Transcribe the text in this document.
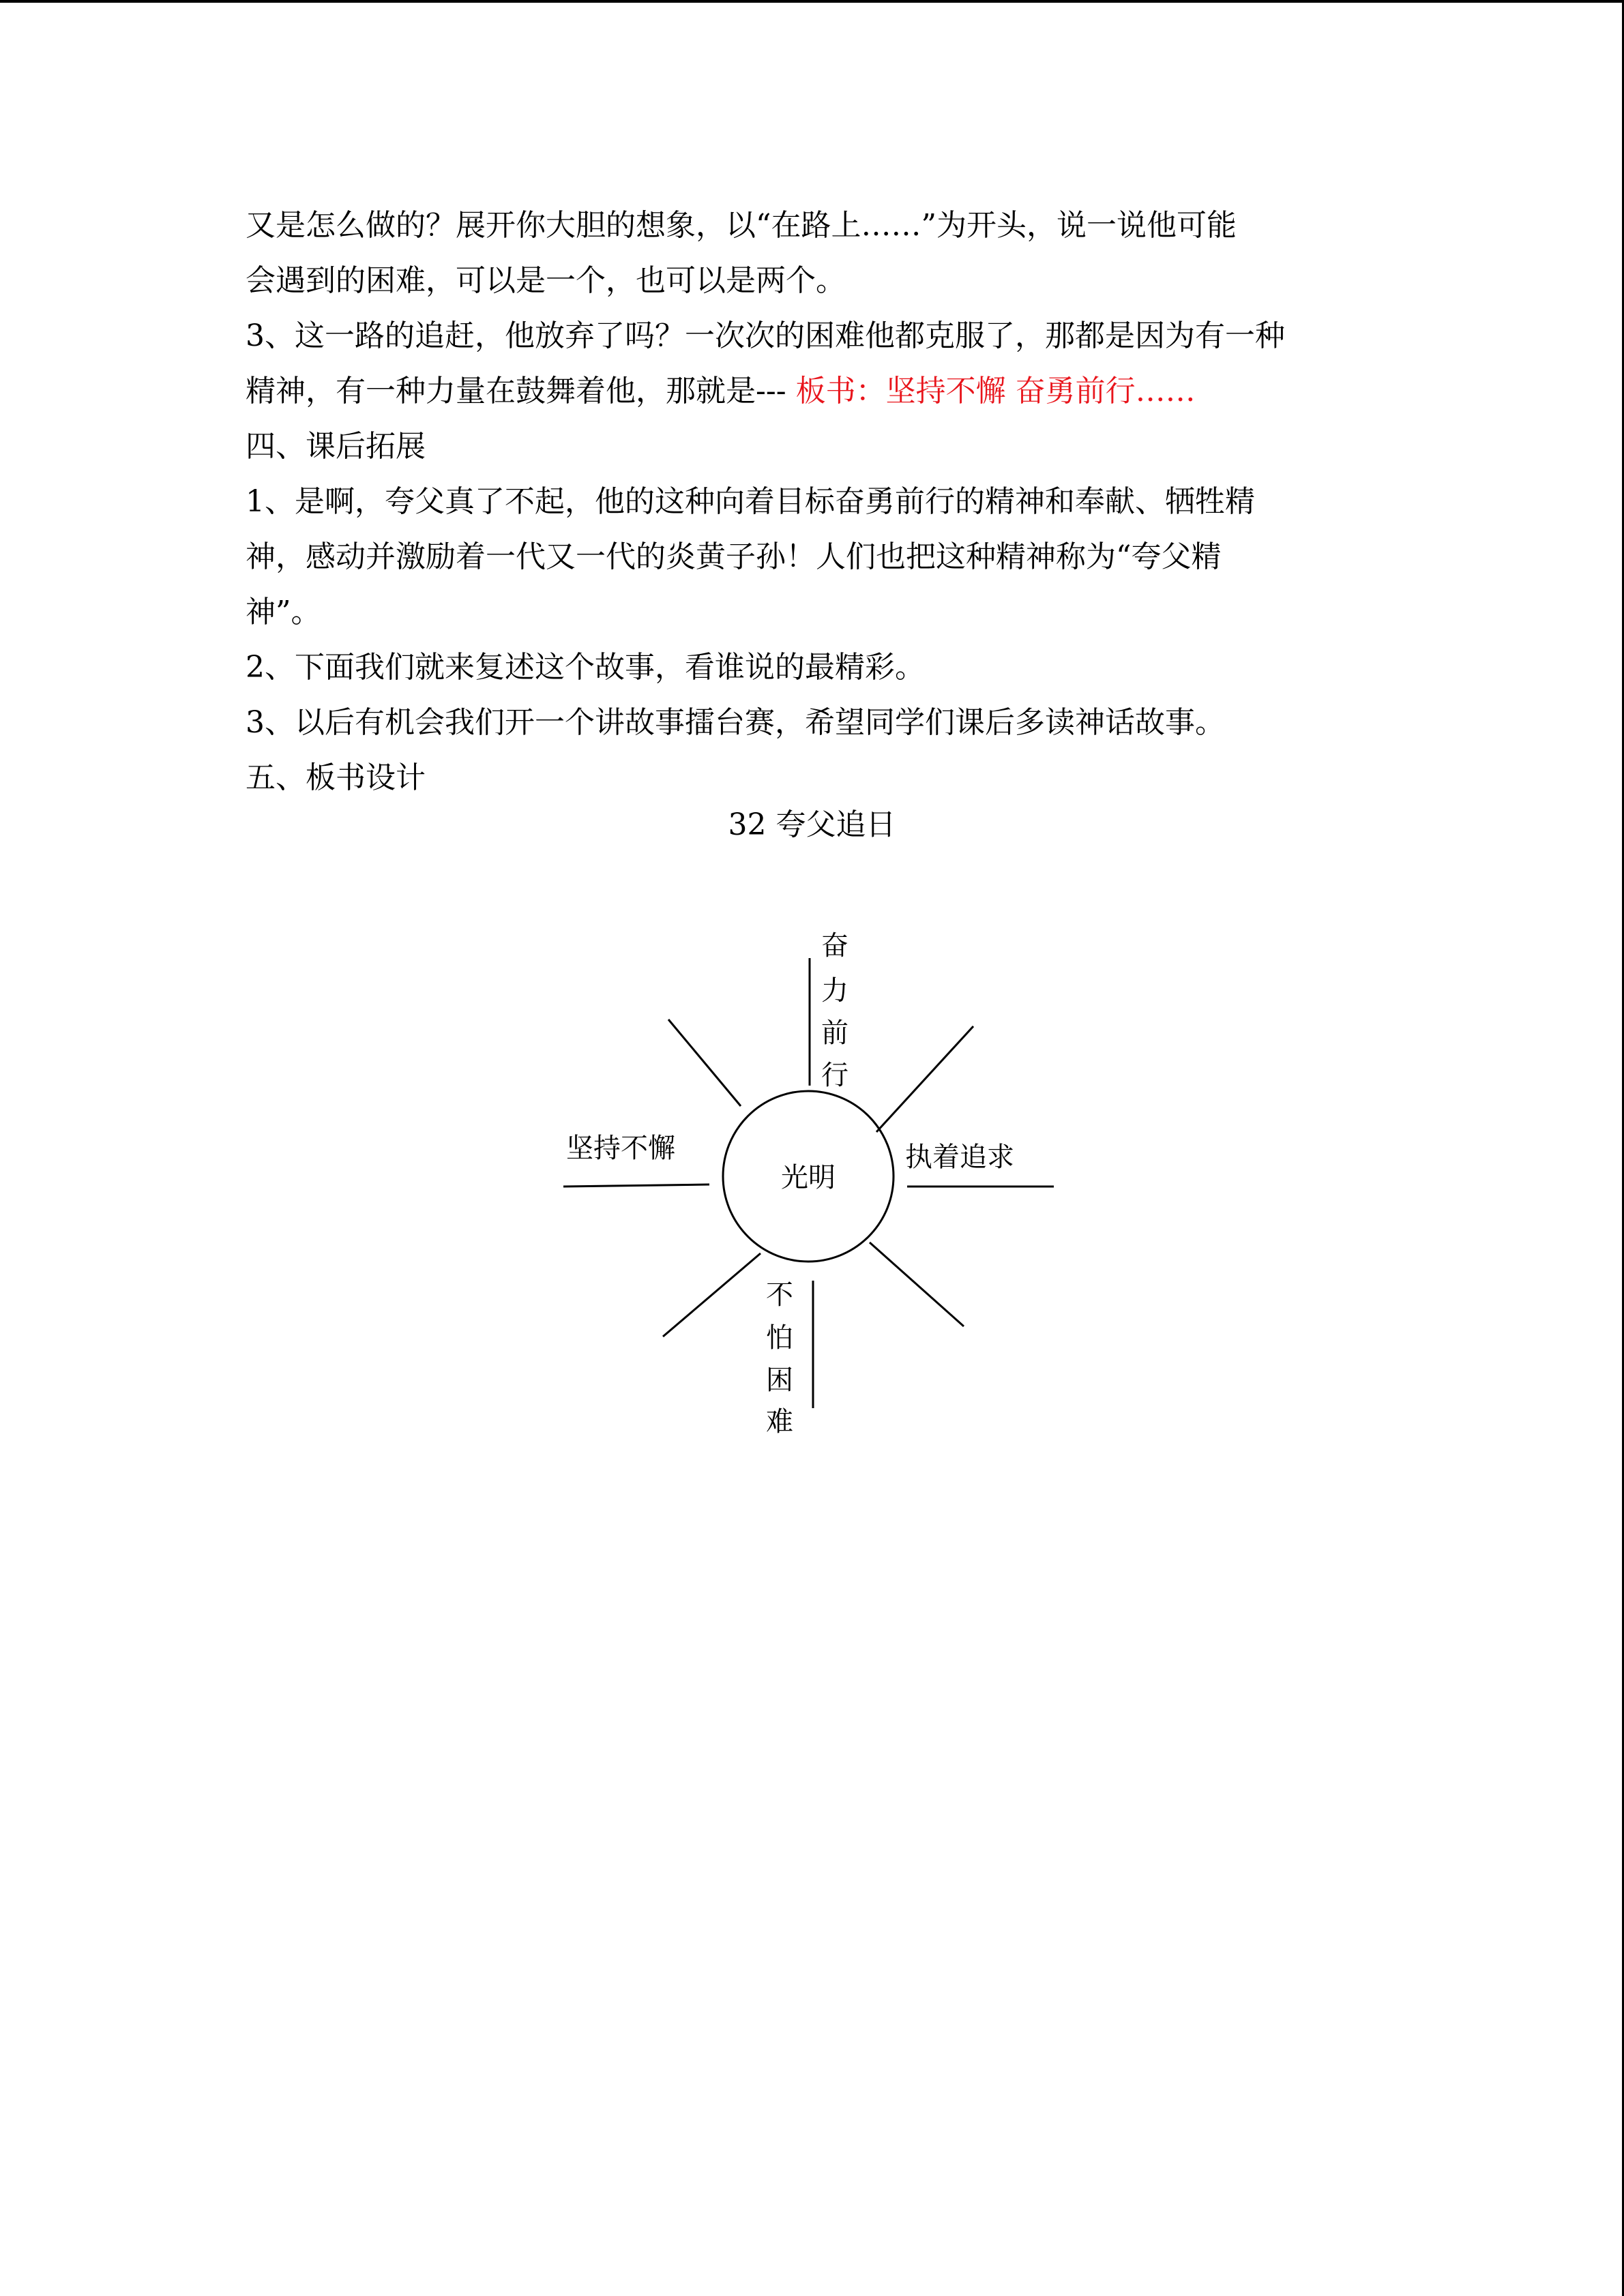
又是怎么做的？展开你大胆的想象，以“在路上……”为开头，说一说他可能

会遇到的困难，可以是一个，也可以是两个。

3、这一路的追赶，他放弃了吗？一次次的困难他都克服了，那都是因为有一种

精神，有一种力量在鼓舞着他，那就是--- 板书：坚持不懈 奋勇前行……

四、课后拓展

1、是啊，夸父真了不起，他的这种向着目标奋勇前行的精神和奉献、牺牲精

神，感动并激励着一代又一代的炎黄子孙！人们也把这种精神称为“夸父精

神”。

2、下面我们就来复述这个故事，看谁说的最精彩。

3、以后有机会我们开一个讲故事擂台赛，希望同学们课后多读神话故事。

五、板书设计

32 夸父追日
光明
奋
力
前
行
坚持不懈	执着追求
不
怕
困
难
